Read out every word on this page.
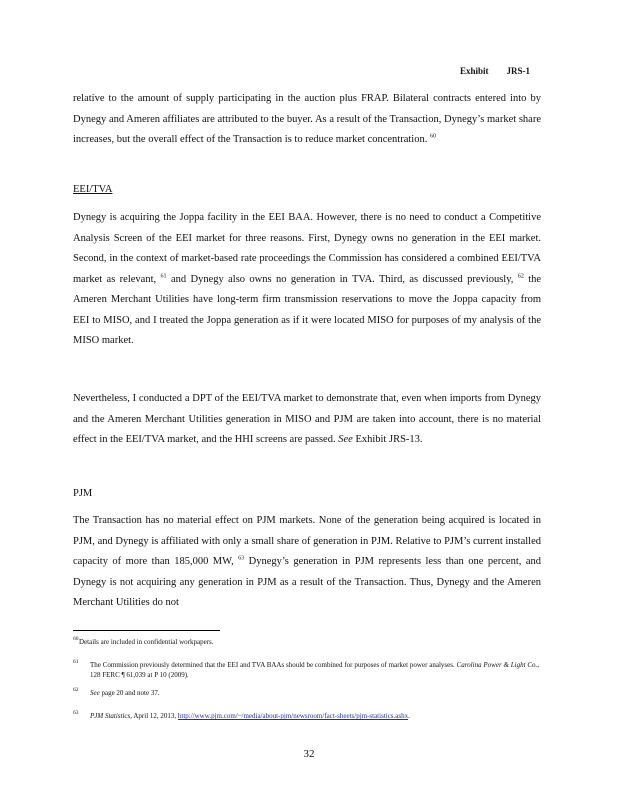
Exhibit JRS-1
relative to the amount of supply participating in the auction plus FRAP. Bilateral contracts entered into by Dynegy and Ameren affiliates are attributed to the buyer. As a result of the Transaction, Dynegy’s market share increases, but the overall effect of the Transaction is to reduce market concentration. $^{60}$
EEI/TVA
Dynegy is acquiring the Joppa facility in the EEI BAA. However, there is no need to conduct a Competitive Analysis Screen of the EEI market for three reasons. First, Dynegy owns no generation in the EEI market. Second, in the context of market-based rate proceedings the Commission has considered a combined EEI/TVA market as relevant, $^{61}$ and Dynegy also owns no generation in TVA. Third, as discussed previously, $^{62}$ the Ameren Merchant Utilities have long-term firm transmission reservations to move the Joppa capacity from EEI to MISO, and I treated the Joppa generation as if it were located MISO for purposes of my analysis of the MISO market.
Nevertheless, I conducted a DPT of the EEI/TVA market to demonstrate that, even when imports from Dynegy and the Ameren Merchant Utilities generation in MISO and PJM are taken into account, there is no material effect in the EEI/TVA market, and the HHI screens are passed. See Exhibit JRS-13.
PJM
The Transaction has no material effect on PJM markets. None of the generation being acquired is located in PJM, and Dynegy is affiliated with only a small share of generation in PJM. Relative to PJM’s current installed capacity of more than 185,000 MW, $^{63}$ Dynegy’s generation in PJM represents less than one percent, and Dynegy is not acquiring any generation in PJM as a result of the Transaction. Thus, Dynegy and the Ameren Merchant Utilities do not
60 Details are included in confidential workpapers.
61	The Commission previously determined that the EEI and TVA BAAs should be combined for purposes of market power analyses. Carolina Power & Light Co., 128 FERC ¶ 61,039 at P 10 (2009).
62	See page 20 and note 37.
63	PJM Statistics, April 12, 2013, http://www.pjm.com/~/media/about-pjm/newsroom/fact-sheets/pjm-statistics.ashx.
32
